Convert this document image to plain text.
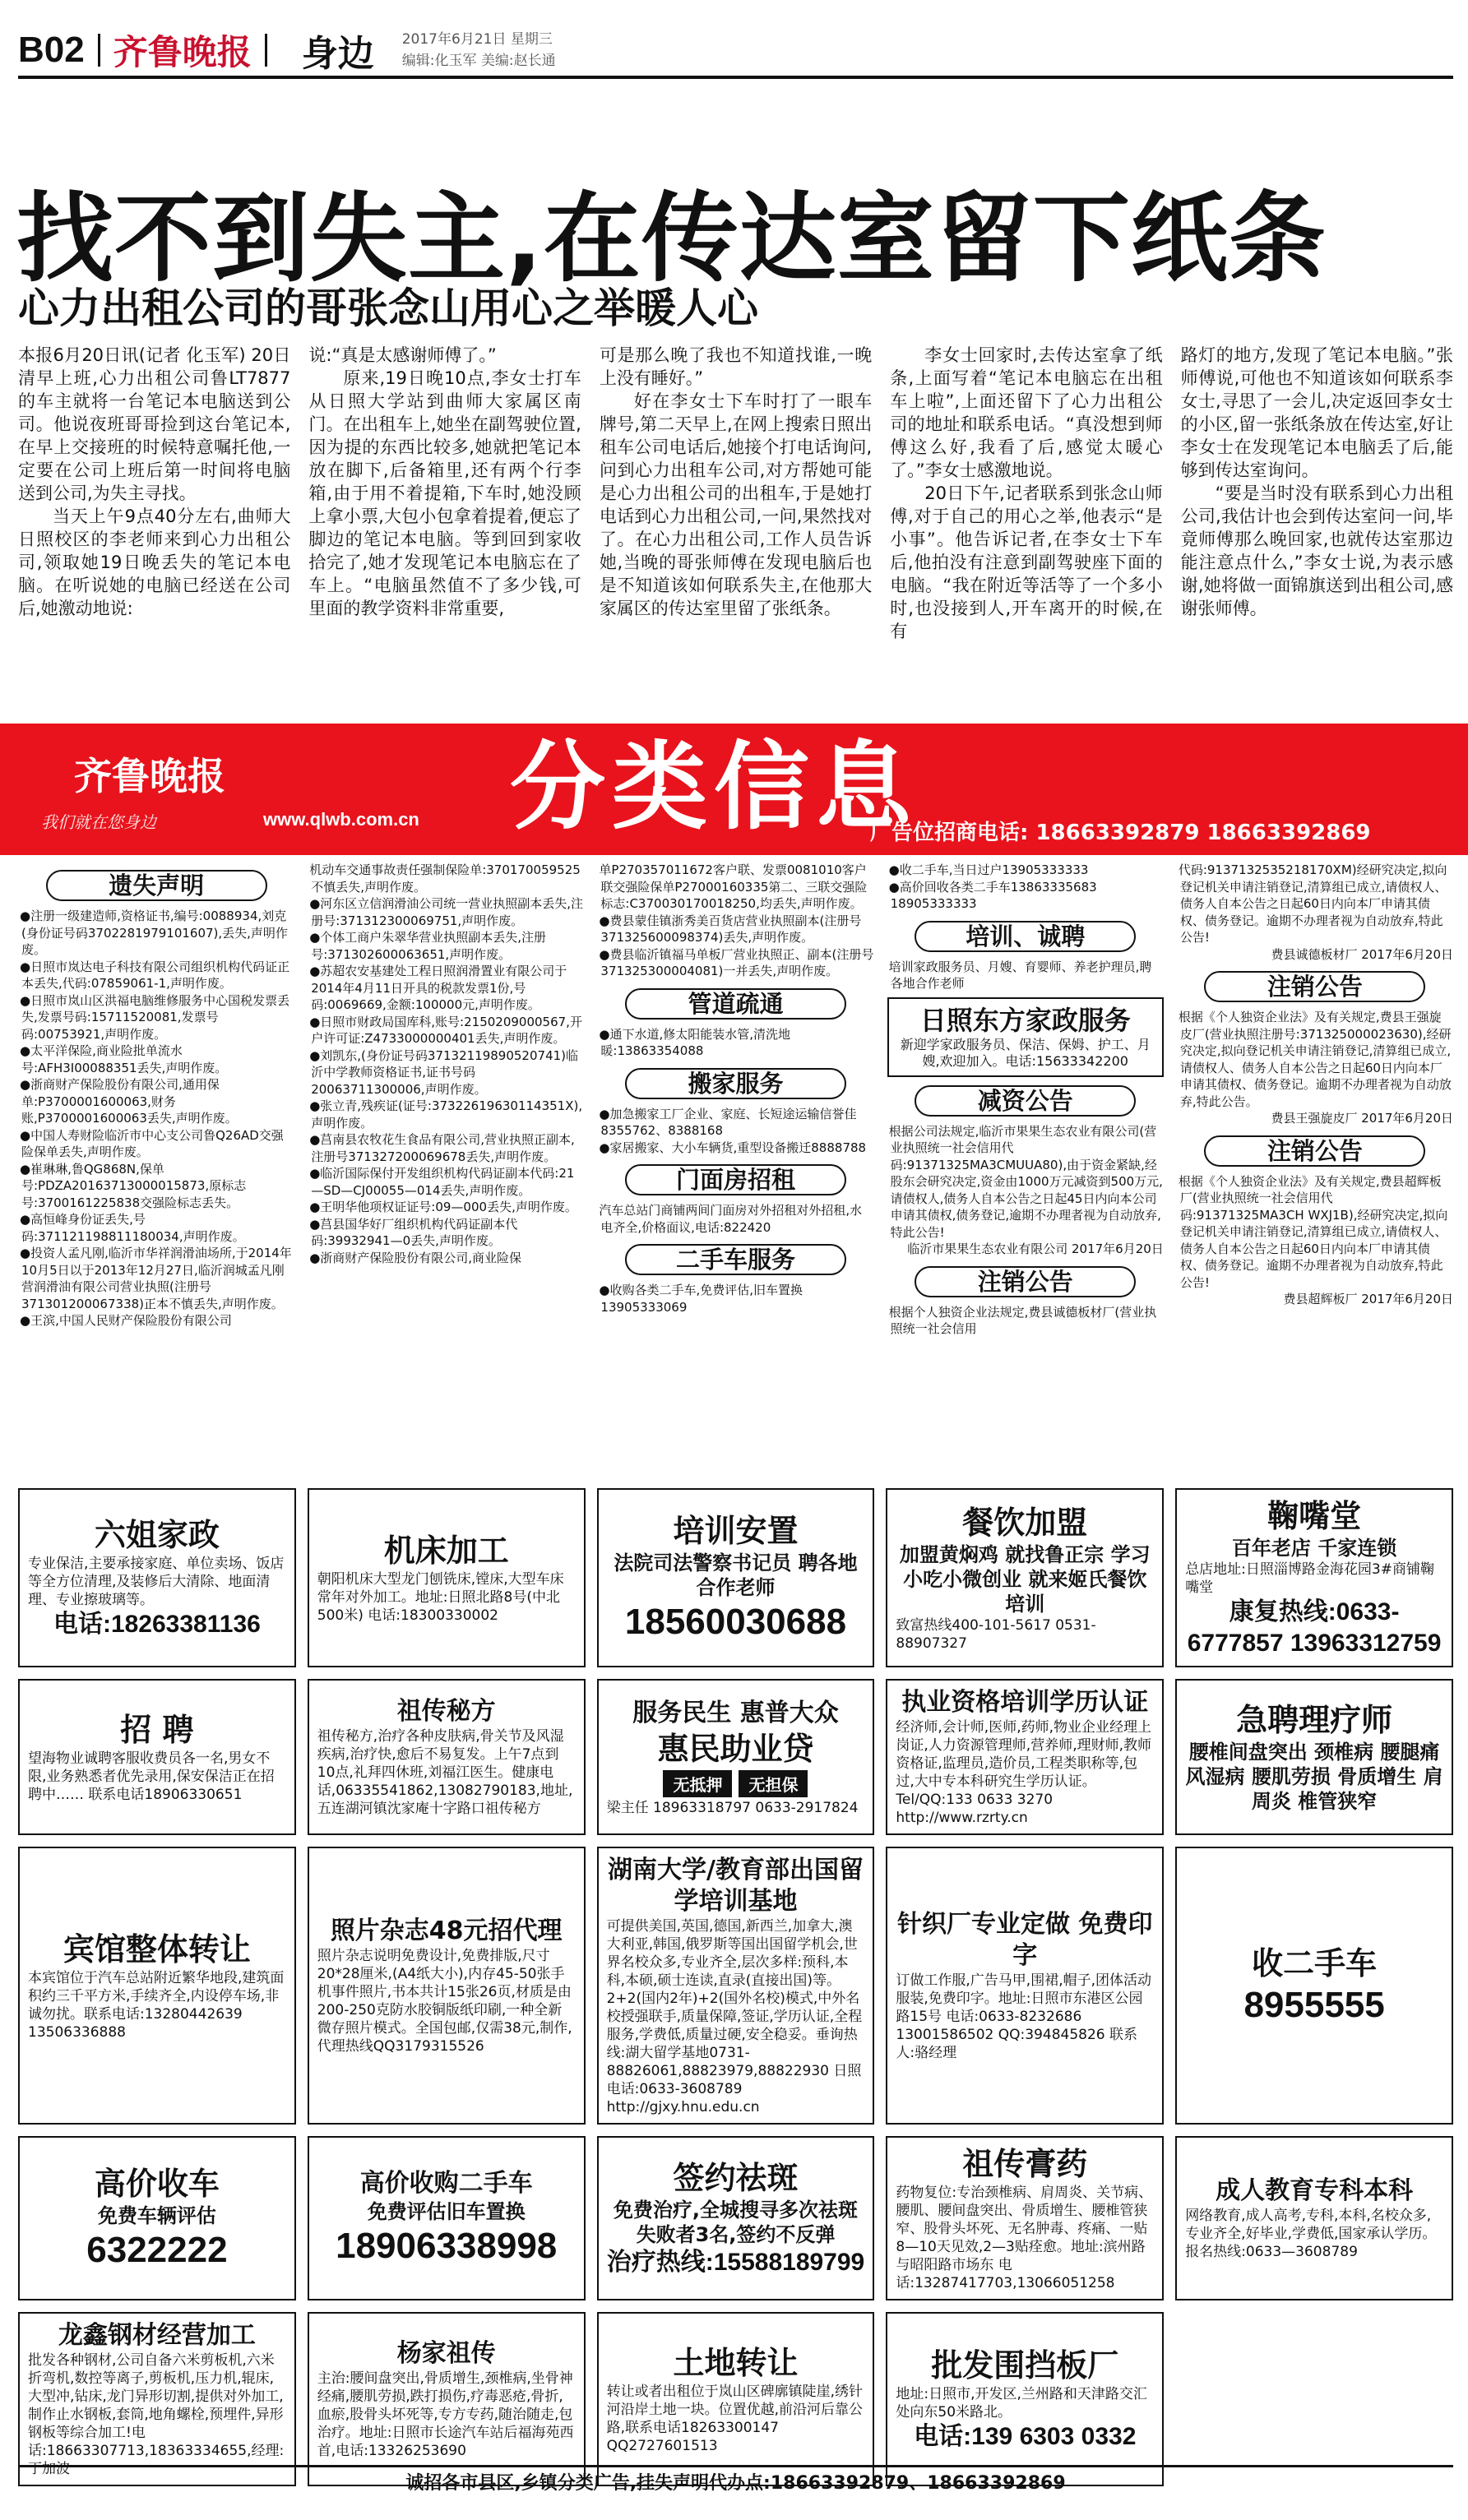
B02 齐鲁晚报 身边 2017年6月21日 星期三
编辑:化玉军 美编:赵长通
找不到失主,在传达室留下纸条
心力出租公司的哥张念山用心之举暖人心

本报6月20日讯(记者 化玉军) 20日清早上班,心力出租公司鲁LT7877的车主就将一台笔记本电脑送到公司。他说夜班哥哥捡到这台笔记本,在早上交接班的时候特意嘱托他,一定要在公司上班后第一时间将电脑送到公司,为失主寻找。

当天上午9点40分左右,曲师大日照校区的李老师来到心力出租公司,领取她19日晚丢失的笔记本电脑。在听说她的电脑已经送在公司后,她激动地说:

说:“真是太感谢师傅了。”

原来,19日晚10点,李女士打车从日照大学站到曲师大家属区南门。在出租车上,她坐在副驾驶位置,因为提的东西比较多,她就把笔记本放在脚下,后备箱里,还有两个行李箱,由于用不着提箱,下车时,她没顾上拿小票,大包小包拿着提着,便忘了脚边的笔记本电脑。等到回到家收拾完了,她才发现笔记本电脑忘在了车上。“电脑虽然值不了多少钱,可里面的教学资料非常重要,

可是那么晚了我也不知道找谁,一晚上没有睡好。”

好在李女士下车时打了一眼车牌号,第二天早上,在网上搜索日照出租车公司电话后,她接个打电话询问,问到心力出租车公司,对方帮她可能是心力出租公司的出租车,于是她打电话到心力出租公司,一问,果然找对了。在心力出租公司,工作人员告诉她,当晚的哥张师傅在发现电脑后也是不知道该如何联系失主,在他那大家属区的传达室里留了张纸条。

李女士回家时,去传达室拿了纸条,上面写着“笔记本电脑忘在出租车上啦”,上面还留下了心力出租公司的地址和联系电话。“真没想到师傅这么好,我看了后,感觉太暖心了。”李女士感激地说。

20日下午,记者联系到张念山师傅,对于自己的用心之举,他表示“是小事”。他告诉记者,在李女士下车后,他拍没有注意到副驾驶座下面的电脑。“我在附近等活等了一个多小时,也没接到人,开车离开的时候,在有

路灯的地方,发现了笔记本电脑。”张师傅说,可他也不知道该如何联系李女士,寻思了一会儿,决定返回李女士的小区,留一张纸条放在传达室,好让李女士在发现笔记本电脑丢了后,能够到传达室询问。

“要是当时没有联系到心力出租公司,我估计也会到传达室问一问,毕竟师傅那么晚回家,也就传达室那边能注意点什么,”李女士说,为表示感谢,她将做一面锦旗送到出租公司,感谢张师傅。

齐鲁晚报
我们就在您身边	www.qlwb.com.cn 分类信息
广告位招商电话: 18663392879 18663392869
遗失声明
●注册一级建造师,资格证书,编号:0088934,刘克(身份证号码3702281979101607),丢失,声明作废。
●日照市岚达电子科技有限公司组织机构代码证正本丢失,代码:07859061-1,声明作废。
●日照市岚山区洪福电脑维修服务中心国税发票丢失,发票号码:15711520081,发票号码:00753921,声明作废。
●太平洋保险,商业险批单流水号:AFH3I00088351丢失,声明作废。
●浙商财产保险股份有限公司,通用保单:P3700001600063,财务账,P3700001600063丢失,声明作废。
●中国人寿财险临沂市中心支公司鲁Q26AD交强险保单丢失,声明作废。
●崔琳琳,鲁QG868N,保单号:PDZA20163713000015873,原标志号:3700161225838交强险标志丢失。
●高恒峰身份证丢失,号码:371121198811180034,声明作废。
●投资人孟凡刚,临沂市华祥润滑油场所,于2014年10月5日以于2013年12月27日,临沂润城孟凡刚营润滑油有限公司营业执照(注册号371301200067338)正本不慎丢失,声明作废。
●王滨,中国人民财产保险股份有限公司
机动车交通事故责任强制保险单:370170059525不慎丢失,声明作废。
●河东区立信润滑油公司统一营业执照副本丢失,注册号:371312300069751,声明作废。
●个体工商户朱翠华营业执照副本丢失,注册号:371302600063651,声明作废。
●苏超农安基建处工程日照润滑置业有限公司于2014年4月11日开具的税款发票1份,号码:0069669,金额:100000元,声明作废。
●日照市财政局国库科,账号:2150209000567,开户许可证:Z4733000000401丢失,声明作废。
●刘凯东,(身份证号码37132119890520741)临沂中学教师资格证书,证书号码20063711300006,声明作废。
●张立青,残疾证(证号:37322619630114351X),声明作废。
●莒南县农牧花生食品有限公司,营业执照正副本,注册号371327200069678丢失,声明作废。
●临沂国际保付开发组织机构代码证副本代码:21—SD—CJ00055—014丢失,声明作废。
●王明华他项权证证号:09—000丢失,声明作废。
●莒县国华好厂组织机构代码证副本代码:39932941—0丢失,声明作废。
●浙商财产保险股份有限公司,商业险保
单P270357011672客户联、发票0081010客户联交强险保单P27000160335第二、三联交强险标志:C370030170018250,均丢失,声明作废。
●费县蒙佳镇浙秀美百货店营业执照副本(注册号371325600098374)丢失,声明作废。
●费县临沂镇福马单板厂营业执照正、副本(注册号371325300004081)一并丢失,声明作废。
管道疏通
●通下水道,修太阳能装水管,清洗地暖:13863354088
搬家服务
●加急搬家工厂企业、家庭、长短途运输信誉佳8355762、8388168
●家居搬家、大小车辆货,重型设备搬迁8888788
门面房招租
汽车总站门商铺两间门面房对外招租对外招租,水电齐全,价格面议,电话:822420
二手车服务
●收购各类二手车,免费评估,旧车置换13905333069
●收二手车,当日过户13905333333
●高价回收各类二手车13863335683 18905333333
培训、诚聘
培训家政服务员、月嫂、育婴师、养老护理员,聘各地合作老师
日照东方家政服务
新迎学家政服务员、保洁、保姆、护工、月嫂,欢迎加入。电话:15633342200
减资公告
根据公司法规定,临沂市果果生态农业有限公司(营业执照统一社会信用代码:91371325MA3CMUUA80),由于资金紧缺,经股东会研究决定,资金由1000万元减资到500万元,请债权人,债务人自本公告之日起45日内向本公司申请其债权,债务登记,逾期不办理者视为自动放弃,特此公告!
临沂市果果生态农业有限公司 2017年6月20日
注销公告
根据个人独资企业法规定,费县诚德板材厂(营业执照统一社会信用
代码:9137132535218170XM)经研究决定,拟向登记机关申请注销登记,清算组已成立,请债权人、债务人自本公告之日起60日内向本厂申请其债权、债务登记。逾期不办理者视为自动放弃,特此公告!
费县诚德板材厂 2017年6月20日
注销公告
根据《个人独资企业法》及有关规定,费县王强旋皮厂(营业执照注册号:371325000023630),经研究决定,拟向登记机关申请注销登记,清算组已成立,请债权人、债务人自本公告之日起60日内向本厂申请其债权、债务登记。逾期不办理者视为自动放弃,特此公告。
费县王强旋皮厂 2017年6月20日
注销公告
根据《个人独资企业法》及有关规定,费县超辉板厂(营业执照统一社会信用代码:91371325MA3CH WXJ1B),经研究决定,拟向登记机关申请注销登记,清算组已成立,请债权人、债务人自本公告之日起60日内向本厂申请其债权、债务登记。逾期不办理者视为自动放弃,特此公告!
费县超辉板厂 2017年6月20日
六姐家政
专业保洁,主要承接家庭、单位卖场、饭店等全方位清理,及装修后大清除、地面清理、专业擦玻璃等。
电话:18263381136
机床加工
朝阳机床大型龙门刨铣床,镗床,大型车床常年对外加工。地址:日照北路8号(中北500米) 电话:18300330002
培训安置
法院司法警察书记员 聘各地合作老师
18560030688
餐饮加盟
加盟黄焖鸡 就找鲁正宗 学习小吃小微创业 就来姬氏餐饮培训
致富热线400-101-5617 0531-88907327
鞠嘴堂
百年老店 千家连锁
总店地址:日照淄博路金海花园3#商铺鞠嘴堂
康复热线:0633-6777857 13963312759
招 聘
望海物业诚聘客服收费员各一名,男女不限,业务熟悉者优先录用,保安保洁正在招聘中…… 联系电话18906330651
祖传秘方
祖传秘方,治疗各种皮肤病,骨关节及风湿疾病,治疗快,愈后不易复发。上午7点到10点,礼拜四休班,刘福江医生。健康电话,06335541862,13082790183,地址,五连湖河镇沈家庵十字路口祖传秘方
服务民生 惠普大众
惠民助业贷
无抵押 无担保
梁主任 18963318797 0633-2917824
执业资格培训学历认证
经济师,会计师,医师,药师,物业企业经理上岗证,人力资源管理师,营养师,理财师,教师资格证,监理员,造价员,工程类职称等,包过,大中专本科研究生学历认证。Tel/QQ:133 0633 3270 http://www.rzrty.cn
急聘理疗师
腰椎间盘突出 颈椎病 腰腿痛 风湿病 腰肌劳损 骨质增生 肩周炎 椎管狭窄
宾馆整体转让
本宾馆位于汽车总站附近繁华地段,建筑面积约三千平方米,手续齐全,内设停车场,非诚勿扰。联系电话:13280442639 13506336888
照片杂志48元招代理
照片杂志说明免费设计,免费排版,尺寸20*28厘米,(A4纸大小),内存45-50张手机事件照片,书本共计15张26页,材质是由200-250克防水胶铜版纸印刷,一种全新微存照片模式。全国包邮,仅需38元,制作,代理热线QQ3179315526
湖南大学/教育部出国留学培训基地
可提供美国,英国,德国,新西兰,加拿大,澳大利亚,韩国,俄罗斯等国出国留学机会,世界名校众多,专业齐全,层次多样:预科,本科,本硕,硕士连读,直录(直接出国)等。2+2(国内2年)+2(国外名校)模式,中外名校授强联手,质量保障,签证,学历认证,全程服务,学费低,质量过硬,安全稳妥。垂询热线:湖大留学基地0731-88826061,88823979,88822930 日照电话:0633-3608789 http://gjxy.hnu.edu.cn
针织厂专业定做 免费印字
订做工作服,广告马甲,围裙,帽子,团体活动服装,免费印字。地址:日照市东港区公园路15号 电话:0633-8232686 13001586502 QQ:394845826 联系人:骆经理
收二手车
8955555
高价收车
免费车辆评估
6322222
高价收购二手车
免费评估旧车置换
18906338998
签约祛斑
免费治疗,全城搜寻多次祛斑失败者3名,签约不反弹
治疗热线:15588189799
祖传膏药
药物复位:专治颈椎病、肩周炎、关节病、腰肌、腰间盘突出、骨质增生、腰椎管狭窄、股骨头坏死、无名肿毒、疼痛、一贴8—10天见效,2—3贴痊愈。地址:滨州路与昭阳路市场东 电话:13287417703,13066051258
成人教育专科本科
网络教育,成人高考,专科,本科,名校众多,专业齐全,好毕业,学费低,国家承认学历。报名热线:0633—3608789
龙鑫钢材经营加工
批发各种钢材,公司自备六米剪板机,六米折弯机,数控等离子,剪板机,压力机,辊床,大型冲,钻床,龙门异形切割,提供对外加工,制作止水钢板,套筒,地角螺栓,预埋件,异形钢板等综合加工!电话:18663307713,18363334655,经理:丁加波
杨家祖传
主治:腰间盘突出,骨质增生,颈椎病,坐骨神经痛,腰肌劳损,跌打损伤,疗毒恶疮,骨折,血瘀,股骨头坏死等,专方专药,随治随走,包治疗。地址:日照市长途汽车站后福海苑西首,电话:13326253690
土地转让
转让或者出租位于岚山区碑廓镇陡崖,绣针河沿岸土地一块。位置优越,前沿河后靠公路,联系电话18263300147 QQ2727601513
批发围挡板厂
地址:日照市,开发区,兰州路和天津路交汇处向东50米路北。
电话:139 6303 0332
诚招各市县区,乡镇分类广告,挂失声明代办点:18663392879、18663392869
